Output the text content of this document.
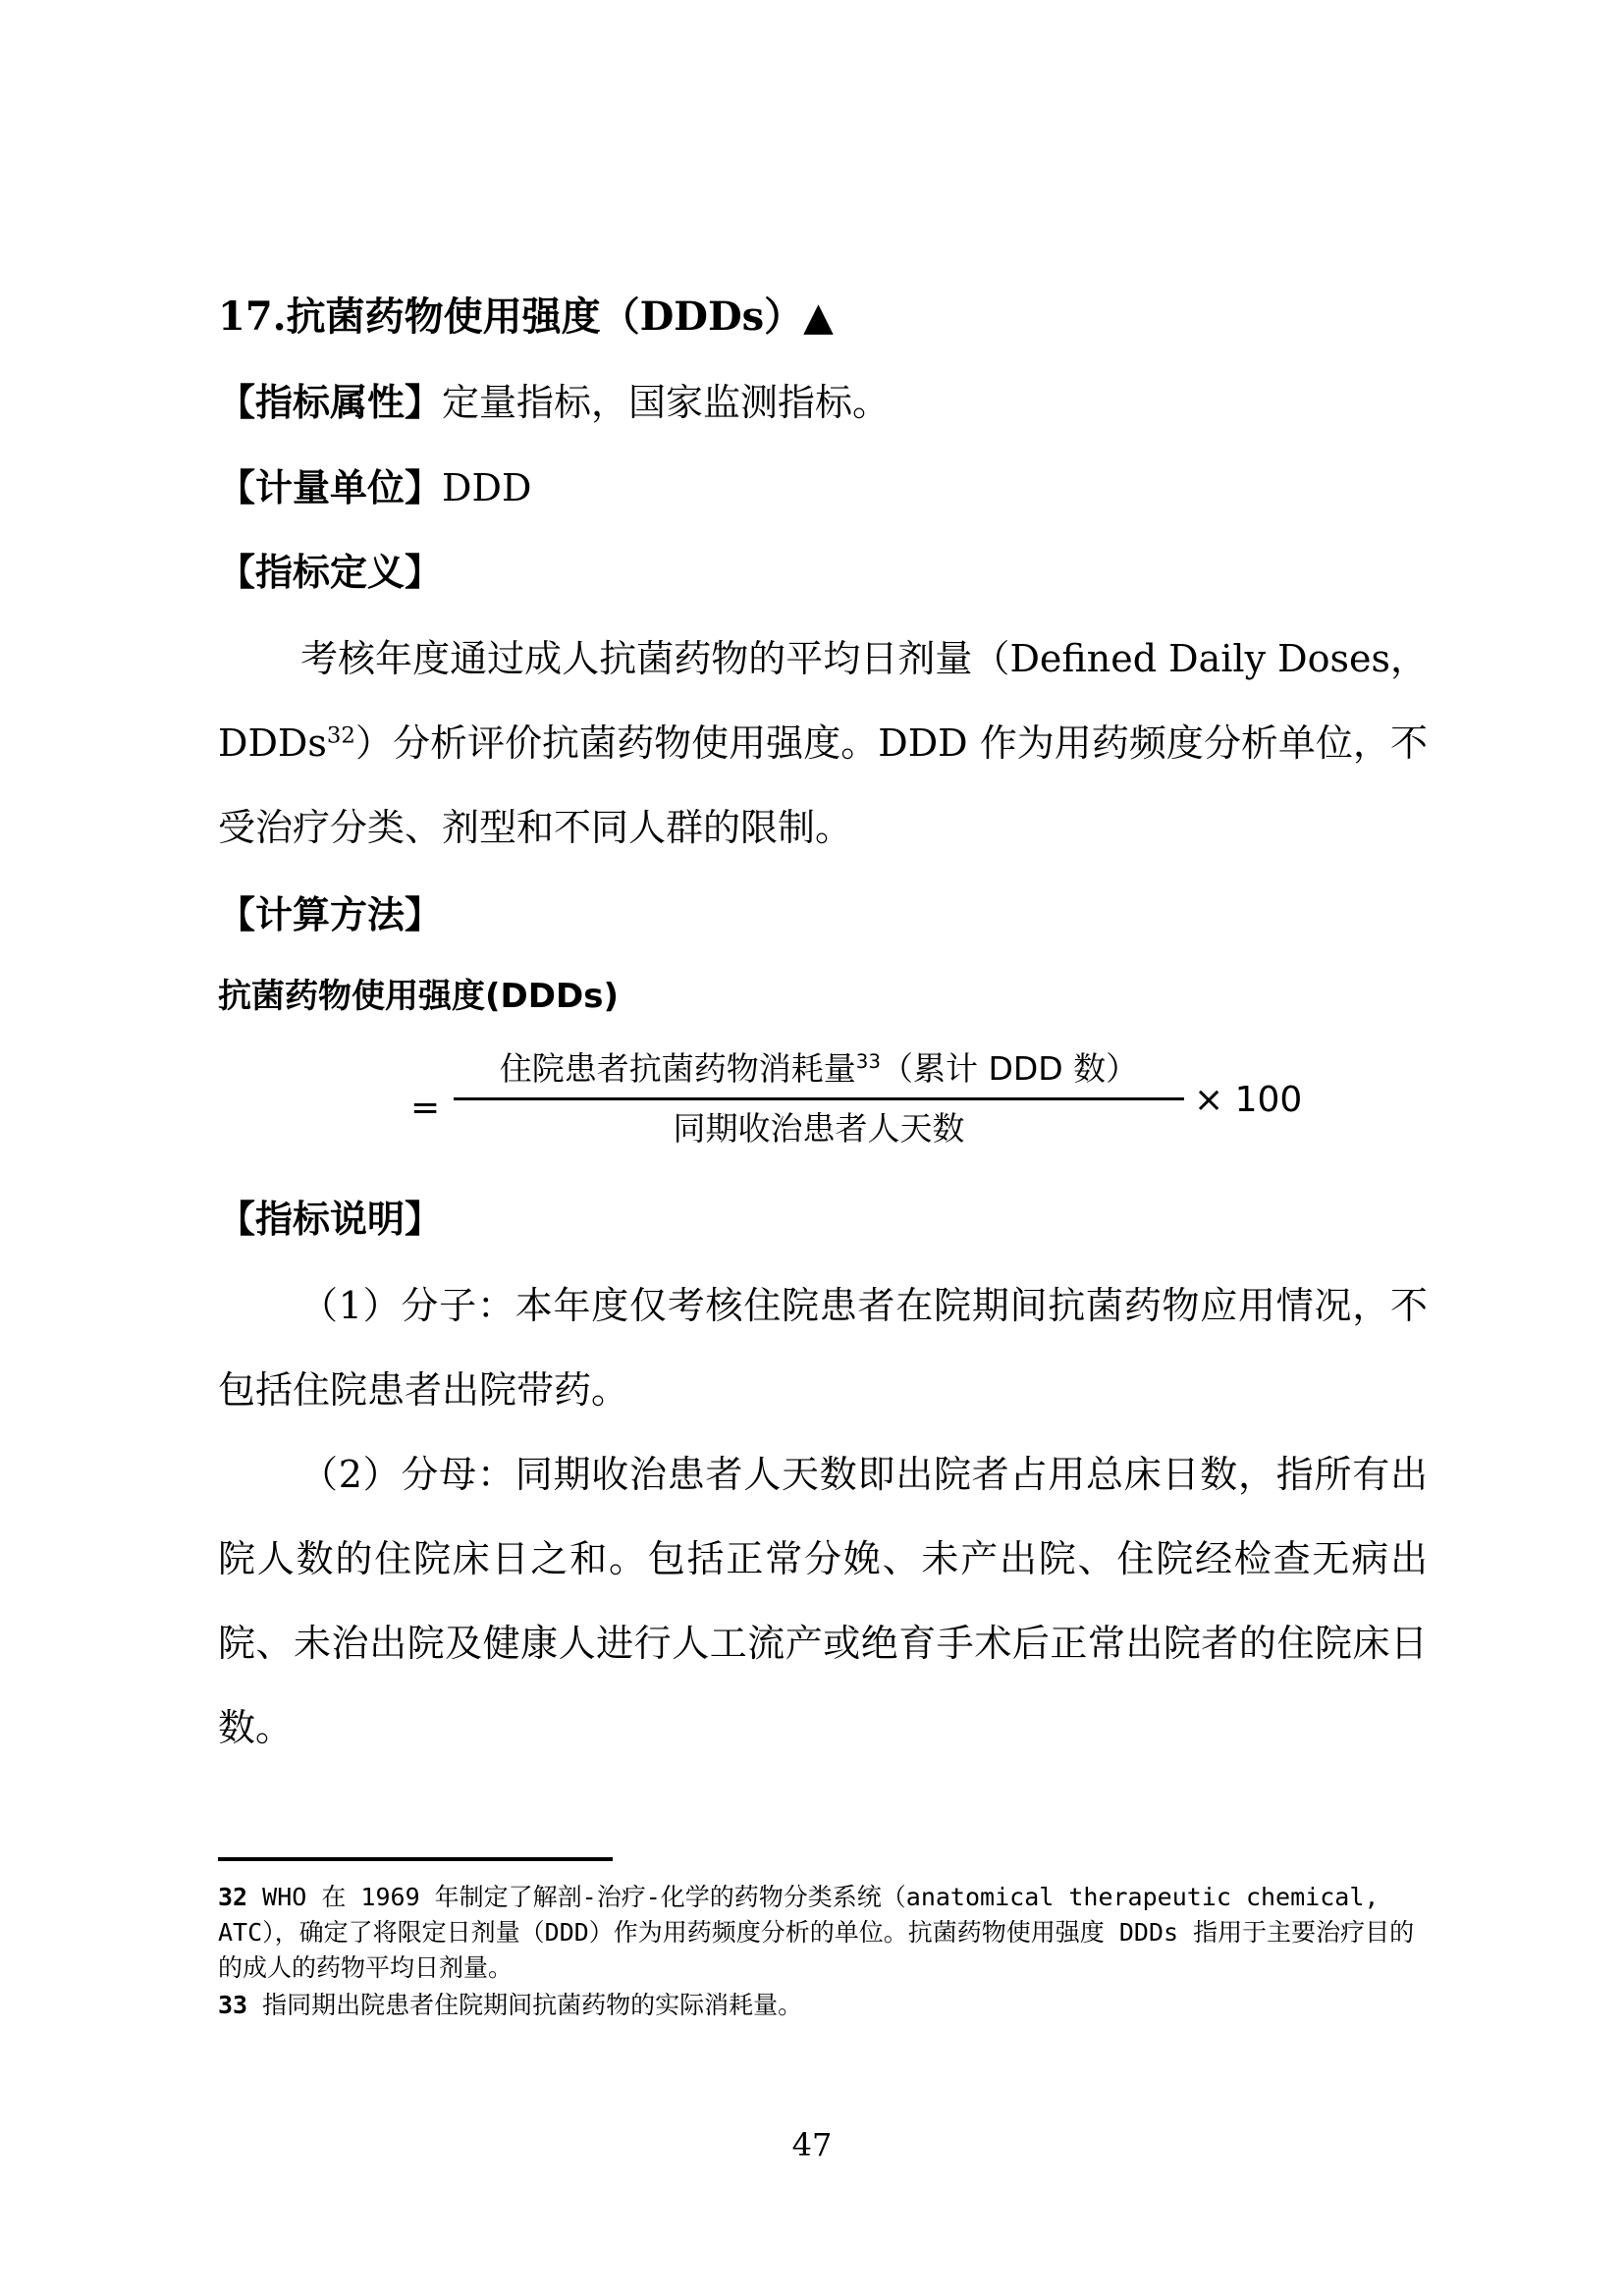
17.抗菌药物使用强度（DDDs）▲
【指标属性】定量指标，国家监测指标。
【计量单位】DDD
【指标定义】
考核年度通过成人抗菌药物的平均日剂量（Defined Daily Doses，DDDs$^{32}$）分析评价抗菌药物使用强度。DDD 作为用药频度分析单位，不受治疗分类、剂型和不同人群的限制。
【计算方法】
抗菌药物使用强度(DDDs)
=
住院患者抗菌药物消耗量$^{33}$（累计 DDD 数）
同期收治患者人天数
× 100
【指标说明】
（1）分子：本年度仅考核住院患者在院期间抗菌药物应用情况，不包括住院患者出院带药。
（2）分母：同期收治患者人天数即出院者占用总床日数，指所有出院人数的住院床日之和。包括正常分娩、未产出院、住院经检查无病出院、未治出院及健康人进行人工流产或绝育手术后正常出院者的住院床日数。
32 WHO 在 1969 年制定了解剖-治疗-化学的药物分类系统（anatomical therapeutic chemical, ATC），确定了将限定日剂量（DDD）作为用药频度分析的单位。抗菌药物使用强度 DDDs 指用于主要治疗目的的成人的药物平均日剂量。
33 指同期出院患者住院期间抗菌药物的实际消耗量。
47
